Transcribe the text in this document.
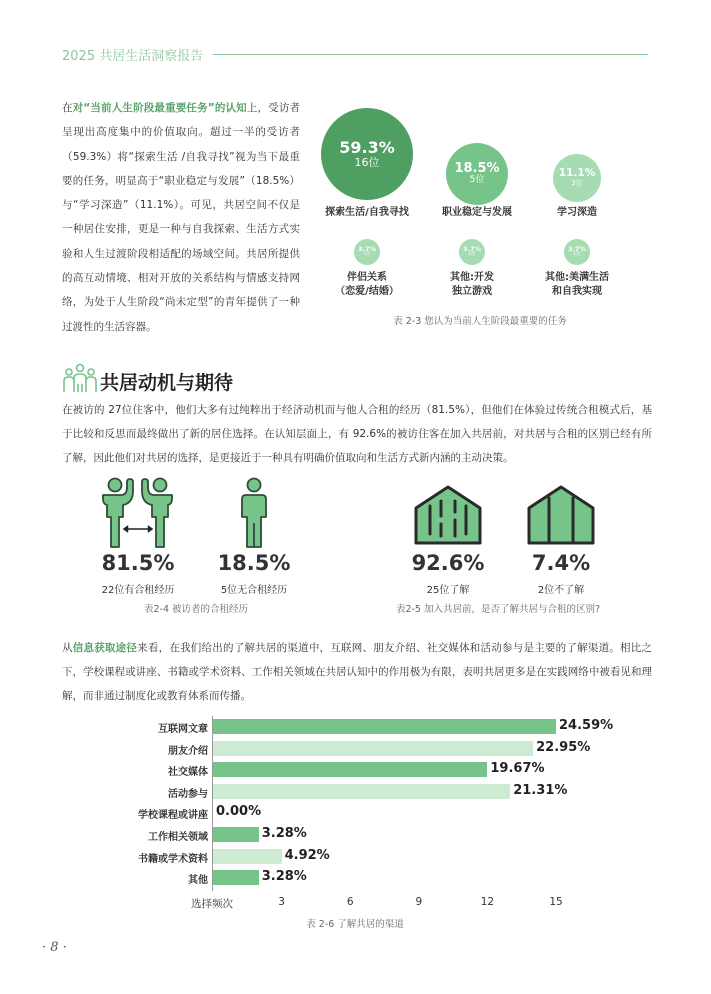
2025 共居生活洞察报告
在对“当前人生阶段最重要任务”的认知上，受访者呈现出高度集中的价值取向。超过一半的受访者（59.3%）将“探索生活 /自我寻找”视为当下最重要的任务，明显高于“职业稳定与发展”（18.5%）与“学习深造”（11.1%）。可见，共居空间不仅是一种居住安排，更是一种与自我探索、生活方式实验和人生过渡阶段相适配的场域空间。共居所提供的高互动情境、相对开放的关系结构与情感支持网络，为处于人生阶段“尚未定型”的青年提供了一种过渡性的生活容器。
59.3%
16位
探索生活/自我寻找
18.5%
5位
职业稳定与发展
11.1%
3位
学习深造
3.7%
1位
伴侣关系
（恋爱/结婚）
3.7%
1位
其他:开发
独立游戏
3.7%
1位
其他:美满生活
和自我实现
表 2-3 您认为当前人生阶段最重要的任务
共居动机与期待
在被访的 27位住客中，他们大多有过纯粹出于经济动机而与他人合租的经历（81.5%），但他们在体验过传统合租模式后，基于比较和反思而最终做出了新的居住选择。在认知层面上，有 92.6%的被访住客在加入共居前，对共居与合租的区别已经有所了解，因此他们对共居的选择，是更接近于一种具有明确价值取向和生活方式新内涵的主动决策。
81.5%
22位有合租经历
18.5%
5位无合租经历
表2-4 被访者的合租经历
92.6%
25位了解
7.4%
2位不了解
表2-5 加入共居前，是否了解共居与合租的区别?
从信息获取途径来看，在我们给出的了解共居的渠道中，互联网、朋友介绍、社交媒体和活动参与是主要的了解渠道。相比之下，学校课程或讲座、书籍或学术资料、工作相关领域在共居认知中的作用极为有限，表明共居更多是在实践网络中被看见和理解，而非通过制度化或教育体系而传播。
互联网文章	24.59%
朋友介绍	22.95%
社交媒体	19.67%
活动参与	21.31%
学校课程或讲座 0.00%
工作相关领域	3.28%
书籍或学术资料	4.92%
其他	3.28%
3	6	9	12	15
选择频次
表 2-6 了解共居的渠道
· 8 ·
